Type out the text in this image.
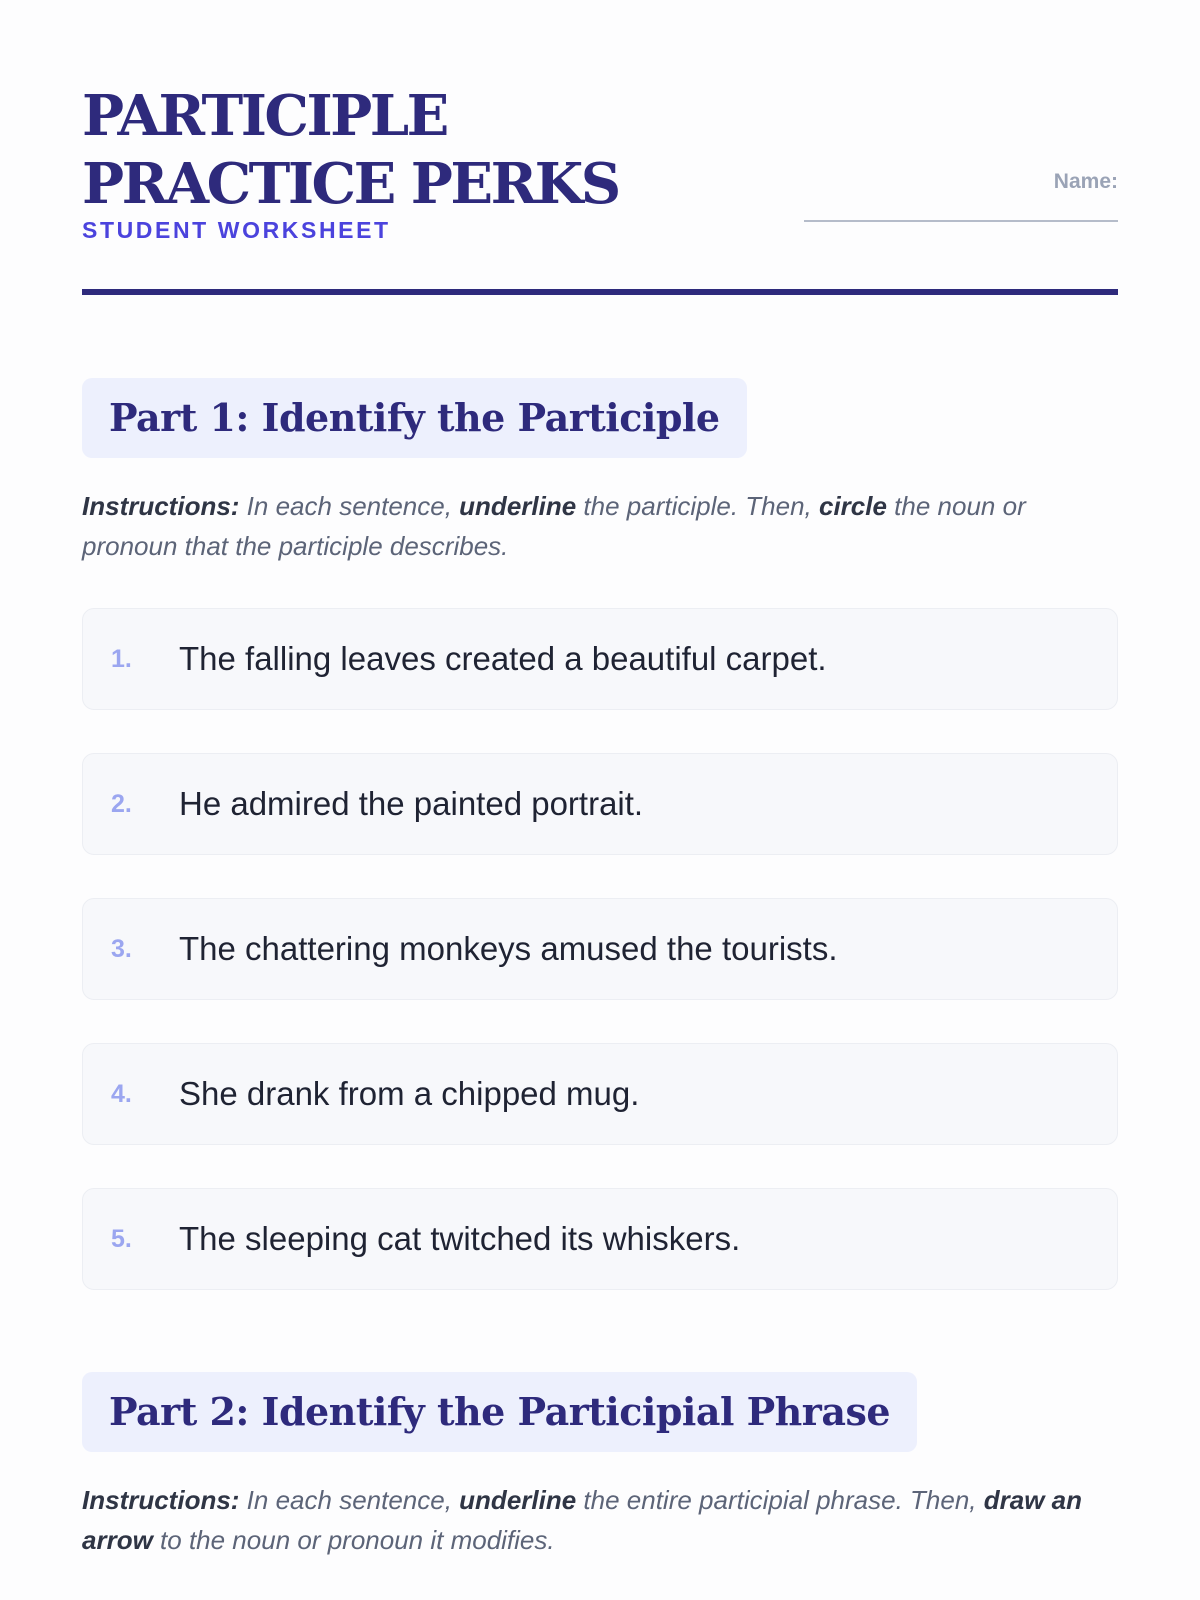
PARTICIPLE PRACTICE PERKS
STUDENT WORKSHEET
Name:
Part 1: Identify the Participle

Instructions: In each sentence, underline the participle. Then, circle the noun or pronoun that the participle describes.

1.	The falling leaves created a beautiful carpet.
2.	He admired the painted portrait.
3.	The chattering monkeys amused the tourists.
4.	She drank from a chipped mug.
5.	The sleeping cat twitched its whiskers.
Part 2: Identify the Participial Phrase

Instructions: In each sentence, underline the entire participial phrase. Then, draw an arrow to the noun or pronoun it modifies.
